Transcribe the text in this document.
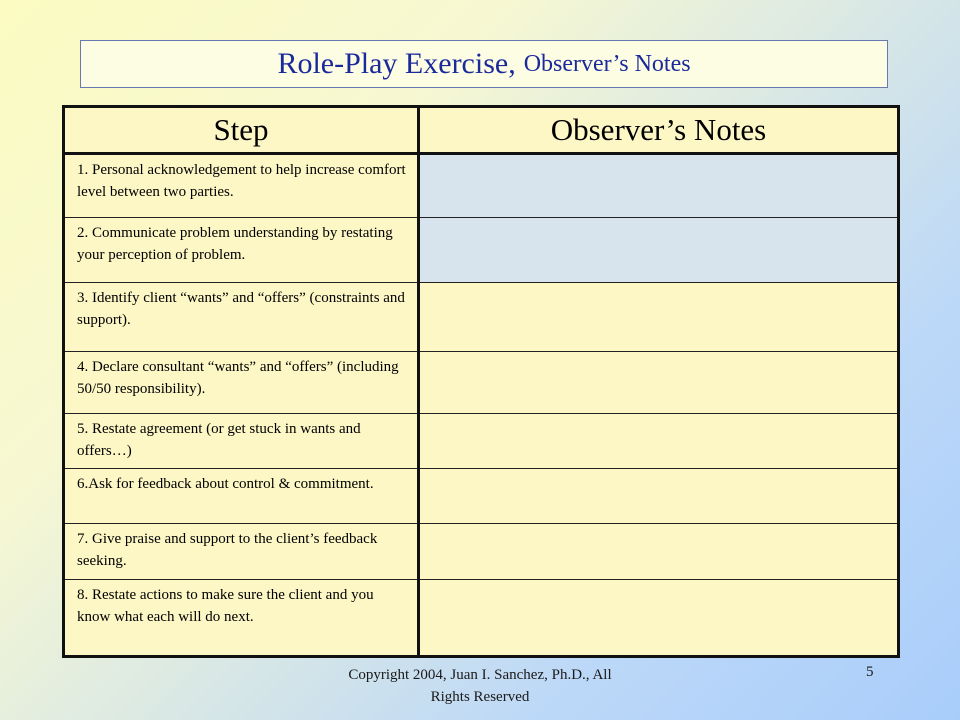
Role-Play Exercise, Observer’s Notes
Step	Observer’s Notes
1. Personal acknowledgement to help increase comfort level between two parties.	
2. Communicate problem understanding by restating your perception of problem.	
3. Identify client “wants” and “offers” (constraints and support).	
4. Declare consultant “wants” and “offers” (including 50/50 responsibility).	
5. Restate agreement (or get stuck in wants and offers…)	
6.Ask for feedback about control & commitment.	
7. Give praise and support to the client’s feedback seeking.	
8. Restate actions to make sure the client and you know what each will do next.	
Copyright 2004, Juan I. Sanchez, Ph.D., All Rights Reserved
5
